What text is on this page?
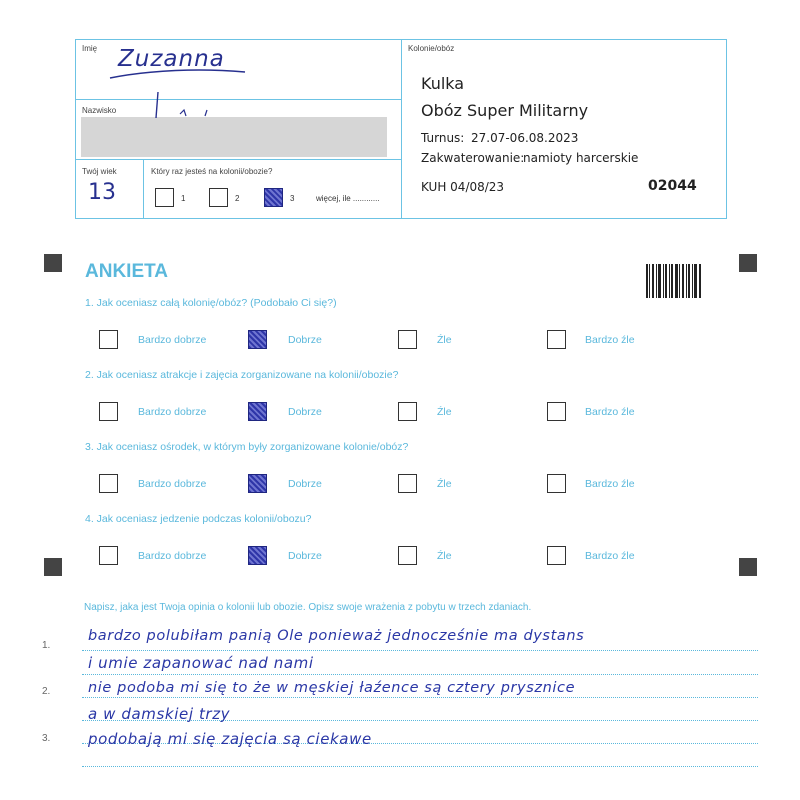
Imię Zuzanna
Nazwisko
Twój wiek
13
Który raz jesteś na kolonii/obozie?
1	2	3	więcej, ile ............
Kolonie/obóz
Kulka
Obóz Super Militarny
Turnus: 27.07-06.08.2023
Zakwaterowanie:
namioty harcerskie
KUH 04/08/23	02044
ANKIETA
1. Jak oceniasz całą kolonię/obóz? (Podobało Ci się?)
Bardzo dobrze	Dobrze	Źle	Bardzo źle
2. Jak oceniasz atrakcje i zajęcia zorganizowane na kolonii/obozie?
Bardzo dobrze	Dobrze	Źle	Bardzo źle
3. Jak oceniasz ośrodek, w którym były zorganizowane kolonie/obóz?
Bardzo dobrze	Dobrze	Źle	Bardzo źle
4. Jak oceniasz jedzenie podczas kolonii/obozu?
Bardzo dobrze	Dobrze	Źle	Bardzo źle
Napisz, jaka jest Twoja opinia o kolonii lub obozie. Opisz swoje wrażenia z pobytu w trzech zdaniach.
1.
2.
3.
bardzo polubiłam panią Ole ponieważ jednocześnie ma dystans
i umie zapanować nad nami
nie podoba mi się to że w męskiej łaźence są cztery prysznice
a w damskiej trzy
podobają mi się zajęcia są ciekawe
